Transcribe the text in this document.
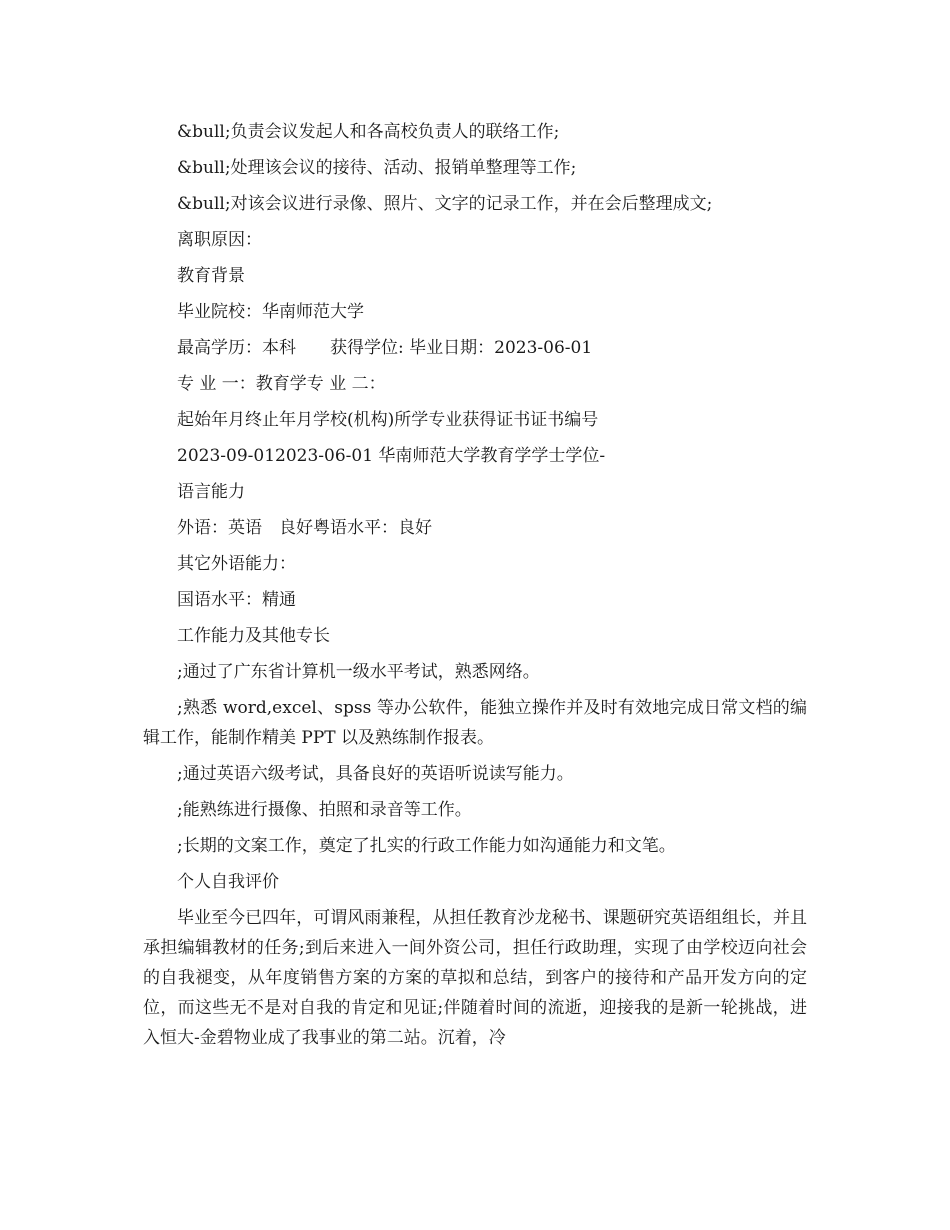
&bull;负责会议发起人和各高校负责人的联络工作;
&bull;处理该会议的接待、活动、报销单整理等工作;
&bull;对该会议进行录像、照片、文字的记录工作，并在会后整理成文;
离职原因：
教育背景
毕业院校：华南师范大学
最高学历：本科　　获得学位: 毕业日期：2023-06-01
专 业 一：教育学专 业 二：
起始年月终止年月学校(机构)所学专业获得证书证书编号
2023-09-012023-06-01 华南师范大学教育学学士学位-
语言能力
外语：英语　良好粤语水平：良好
其它外语能力：
国语水平：精通
工作能力及其他专长
;通过了广东省计算机一级水平考试，熟悉网络。
;熟悉 word,excel、spss 等办公软件，能独立操作并及时有效地完成日常文档的编辑工作，能制作精美 PPT 以及熟练制作报表。
;通过英语六级考试，具备良好的英语听说读写能力。
;能熟练进行摄像、拍照和录音等工作。
;长期的文案工作，奠定了扎实的行政工作能力如沟通能力和文笔。
个人自我评价
毕业至今已四年，可谓风雨兼程，从担任教育沙龙秘书、课题研究英语组组长，并且承担编辑教材的任务;到后来进入一间外资公司，担任行政助理，实现了由学校迈向社会的自我褪变，从年度销售方案的方案的草拟和总结，到客户的接待和产品开发方向的定位，而这些无不是对自我的肯定和见证;伴随着时间的流逝，迎接我的是新一轮挑战，进入恒大-金碧物业成了我事业的第二站。沉着，冷
